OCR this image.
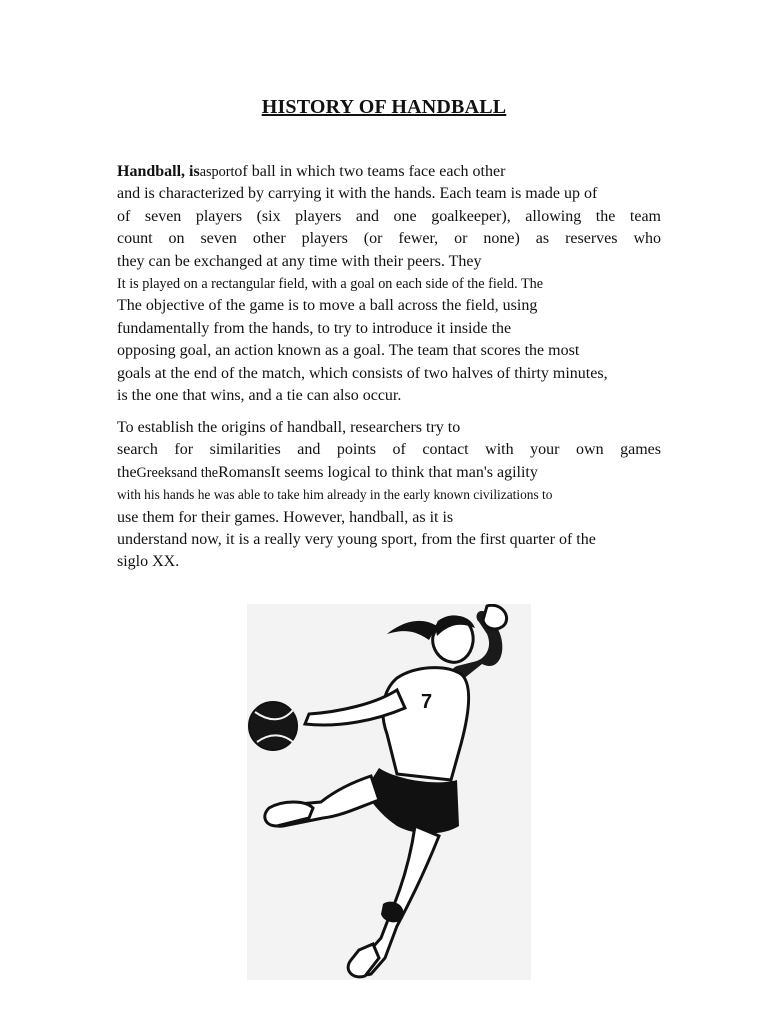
HISTORY OF HANDBALL
Handball, isasportof ball in which two teams face each other
and is characterized by carrying it with the hands. Each team is made up of
of seven players (six players and one goalkeeper), allowing the team
count on seven other players (or fewer, or none) as reserves who
they can be exchanged at any time with their peers. They
It is played on a rectangular field, with a goal on each side of the field. The
The objective of the game is to move a ball across the field, using
fundamentally from the hands, to try to introduce it inside the
opposing goal, an action known as a goal. The team that scores the most
goals at the end of the match, which consists of two halves of thirty minutes,
is the one that wins, and a tie can also occur.
To establish the origins of handball, researchers try to
search for similarities and points of contact with your own games
theGreeksand theRomansIt seems logical to think that man's agility
with his hands he was able to take him already in the early known civilizations to
use them for their games. However, handball, as it is
understand now, it is a really very young sport, from the first quarter of the
siglo XX.
7
